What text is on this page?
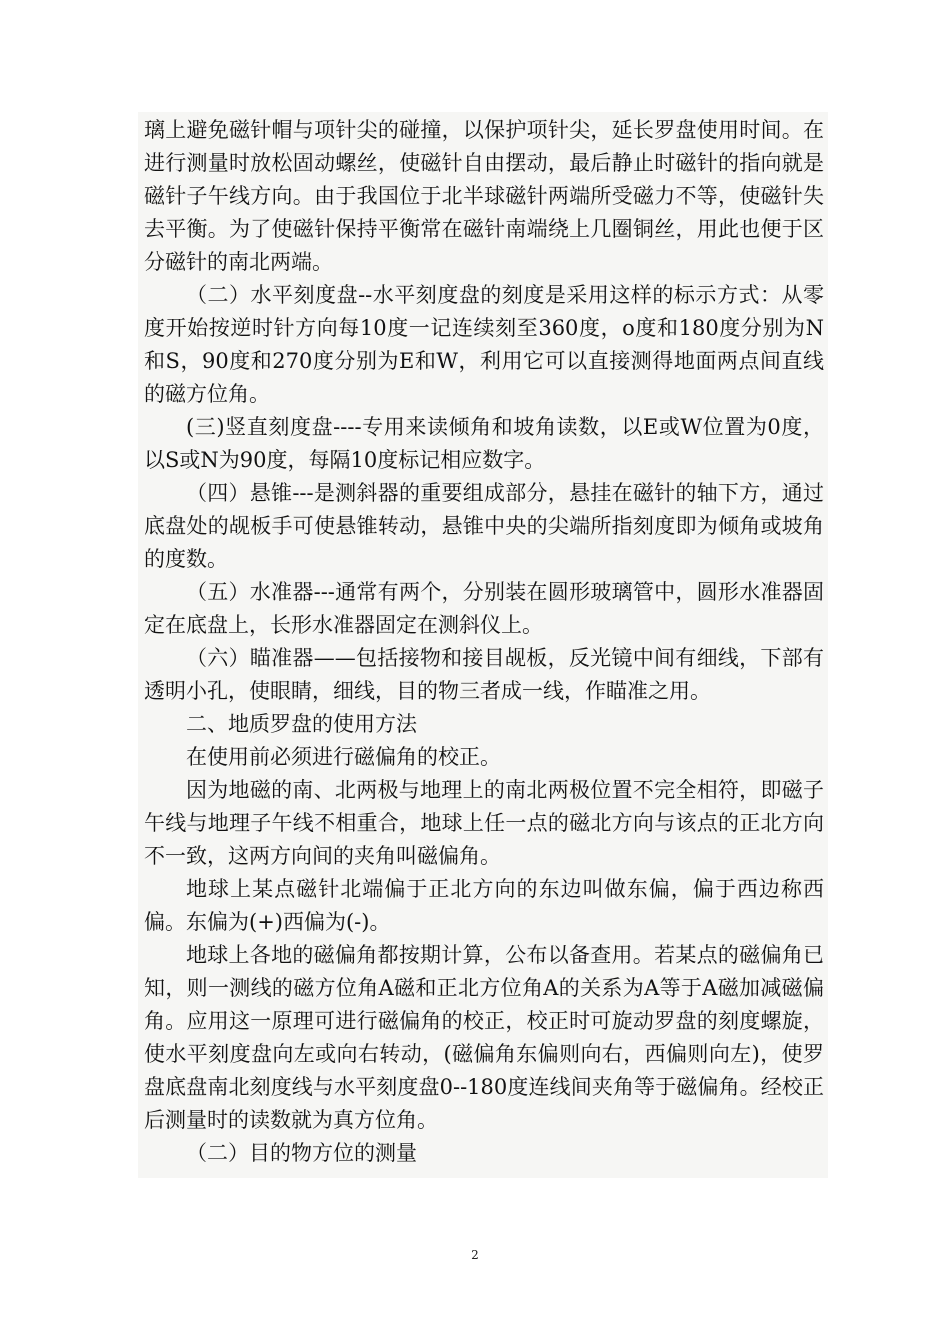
璃上避免磁针帽与项针尖的碰撞，以保护项针尖，延长罗盘使用时间。在进行测量时放松固动螺丝，使磁针自由摆动，最后静止时磁针的指向就是磁针子午线方向。由于我国位于北半球磁针两端所受磁力不等，使磁针失去平衡。为了使磁针保持平衡常在磁针南端绕上几圈铜丝，用此也便于区分磁针的南北两端。

（二）水平刻度盘--水平刻度盘的刻度是采用这样的标示方式：从零度开始按逆时针方向每10度一记连续刻至360度，o度和180度分别为N和S，90度和270度分别为E和W，利用它可以直接测得地面两点间直线的磁方位角。

(三)竖直刻度盘----专用来读倾角和坡角读数，以E或W位置为0度，以S或N为90度，每隔10度标记相应数字。

（四）悬锥---是测斜器的重要组成部分，悬挂在磁针的轴下方，通过底盘处的觇板手可使悬锥转动，悬锥中央的尖端所指刻度即为倾角或坡角的度数。

（五）水准器---通常有两个，分别装在圆形玻璃管中，圆形水准器固定在底盘上，长形水准器固定在测斜仪上。

（六）瞄准器——包括接物和接目觇板，反光镜中间有细线，下部有透明小孔，使眼睛，细线，目的物三者成一线，作瞄准之用。

二、地质罗盘的使用方法

在使用前必须进行磁偏角的校正。

因为地磁的南、北两极与地理上的南北两极位置不完全相符，即磁子午线与地理子午线不相重合，地球上任一点的磁北方向与该点的正北方向不一致，这两方向间的夹角叫磁偏角。

地球上某点磁针北端偏于正北方向的东边叫做东偏，偏于西边称西偏。东偏为(+)西偏为(-)。

地球上各地的磁偏角都按期计算，公布以备查用。若某点的磁偏角已知，则一测线的磁方位角A磁和正北方位角A的关系为A等于A磁加减磁偏角。应用这一原理可进行磁偏角的校正，校正时可旋动罗盘的刻度螺旋，使水平刻度盘向左或向右转动，(磁偏角东偏则向右，西偏则向左)，使罗盘底盘南北刻度线与水平刻度盘0--180度连线间夹角等于磁偏角。经校正后测量时的读数就为真方位角。

（二）目的物方位的测量

2
